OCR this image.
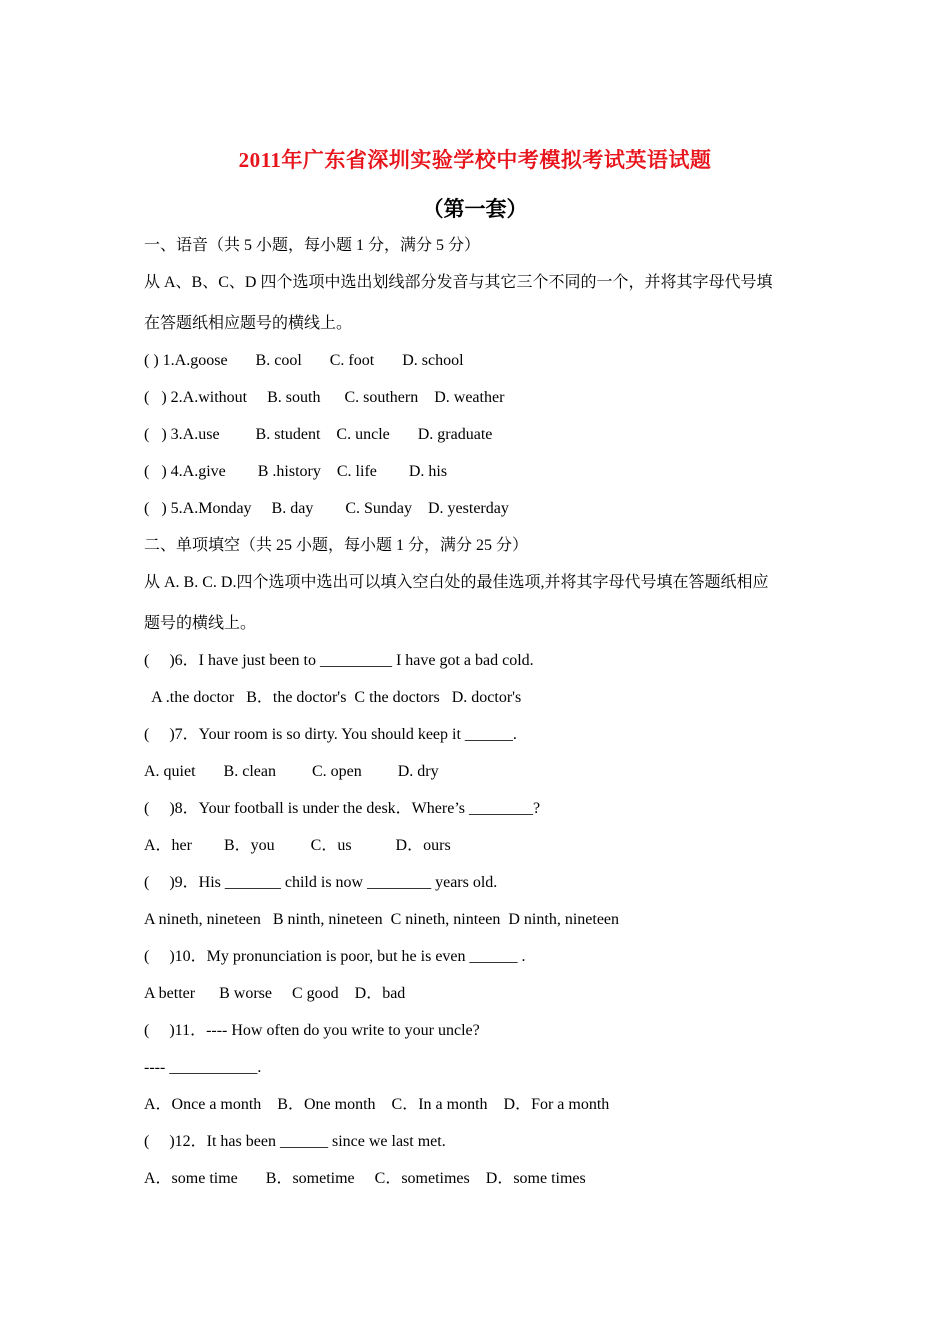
2011年广东省深圳实验学校中考模拟考试英语试题
（第一套）
一、语音（共 5 小题，每小题 1 分，满分 5 分）
从 A、B、C、D 四个选项中选出划线部分发音与其它三个不同的一个，并将其字母代号填
在答题纸相应题号的横线上。
( ) 1.A.goose       B. cool       C. foot       D. school
(   ) 2.A.without     B. south      C. southern    D. weather
(   ) 3.A.use         B. student    C. uncle       D. graduate
(   ) 4.A.give        B .history    C. life        D. his
(   ) 5.A.Monday     B. day        C. Sunday    D. yesterday
二、单项填空（共 25 小题，每小题 1 分，满分 25 分）
从 A. B. C. D.四个选项中选出可以填入空白处的最佳选项,并将其字母代号填在答题纸相应
题号的横线上。
(     )6．I have just been to _________ I have got a bad cold.
A .the doctor   B．the doctor's  C the doctors   D. doctor's
(     )7．Your room is so dirty. You should keep it ______.
A. quiet       B. clean         C. open         D. dry
(     )8．Your football is under the desk．Where’s ________?
A．her        B．you         C．us           D．ours
(     )9．His _______ child is now ________ years old.
A nineth, nineteen   B ninth, nineteen  C nineth, ninteen  D ninth, nineteen
(     )10．My pronunciation is poor, but he is even ______ .
A better      B worse     C good    D．bad
(     )11．---- How often do you write to your uncle?
---- ___________.
A．Once a month    B．One month    C．In a month    D．For a month
(     )12．It has been ______ since we last met.
A．some time       B．sometime     C．sometimes    D．some times
